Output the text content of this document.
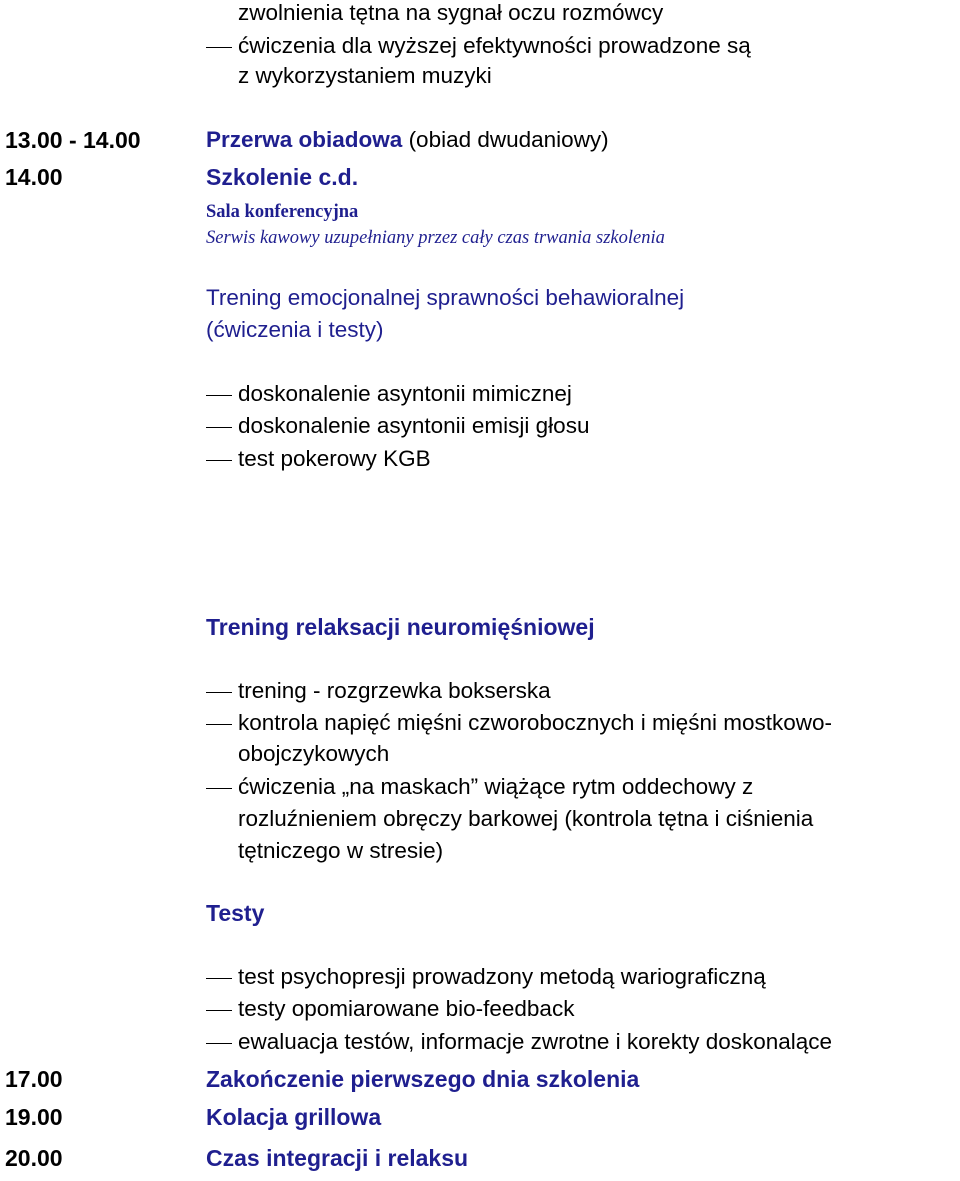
zwolnienia tętna na sygnał oczu rozmówcy
ćwiczenia dla wyższej efektywności prowadzone są
z wykorzystaniem muzyki
13.00 - 14.00	Przerwa obiadowa (obiad dwudaniowy)
14.00	Szkolenie c.d.
Sala konferencyjna
Serwis kawowy uzupełniany przez cały czas trwania szkolenia
Trening emocjonalnej sprawności behawioralnej
(ćwiczenia i testy)
doskonalenie asyntonii mimicznej
doskonalenie asyntonii emisji głosu
test pokerowy KGB
Trening relaksacji neuromięśniowej
trening - rozgrzewka bokserska
kontrola napięć mięśni czworobocznych i mięśni mostkowo-
obojczykowych
ćwiczenia „na maskach” wiążące rytm oddechowy z
rozluźnieniem obręczy barkowej (kontrola tętna i ciśnienia
tętniczego w stresie)
Testy
test psychopresji prowadzony metodą wariograficzną
testy opomiarowane bio-feedback
ewaluacja testów, informacje zwrotne i korekty doskonalące
17.00	Zakończenie pierwszego dnia szkolenia
19.00	Kolacja grillowa
20.00	Czas integracji i relaksu
